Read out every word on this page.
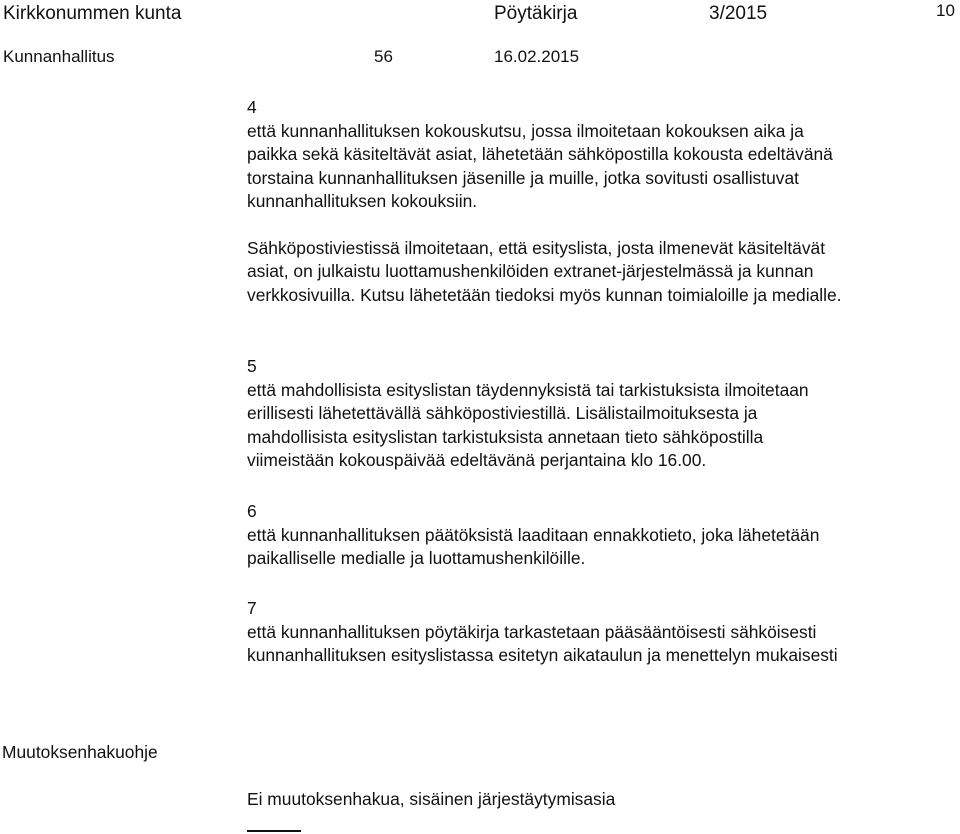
Kirkkonummen kunta	Pöytäkirja	3/2015	10
Kunnanhallitus	56	16.02.2015
4
että kunnanhallituksen kokouskutsu, jossa ilmoitetaan kokouksen aika ja
paikka sekä käsiteltävät asiat, lähetetään sähköpostilla kokousta edeltävänä
torstaina kunnanhallituksen jäsenille ja muille, jotka sovitusti osallistuvat
kunnanhallituksen kokouksiin.
Sähköpostiviestissä ilmoitetaan, että esityslista, josta ilmenevät käsiteltävät
asiat, on julkaistu luottamushenkilöiden extranet-järjestelmässä ja kunnan
verkkosivuilla. Kutsu lähetetään tiedoksi myös kunnan toimialoille ja medialle.
5
että mahdollisista esityslistan täydennyksistä tai tarkistuksista ilmoitetaan
erillisesti lähetettävällä sähköpostiviestillä. Lisälistailmoituksesta ja
mahdollisista esityslistan tarkistuksista annetaan tieto sähköpostilla
viimeistään kokouspäivää edeltävänä perjantaina klo 16.00.
6
että kunnanhallituksen päätöksistä laaditaan ennakkotieto, joka lähetetään
paikalliselle medialle ja luottamushenkilöille.
7
että kunnanhallituksen pöytäkirja tarkastetaan pääsääntöisesti sähköisesti
kunnanhallituksen esityslistassa esitetyn aikataulun ja menettelyn mukaisesti
Muutoksenhakuohje
Ei muutoksenhakua, sisäinen järjestäytymisasia
